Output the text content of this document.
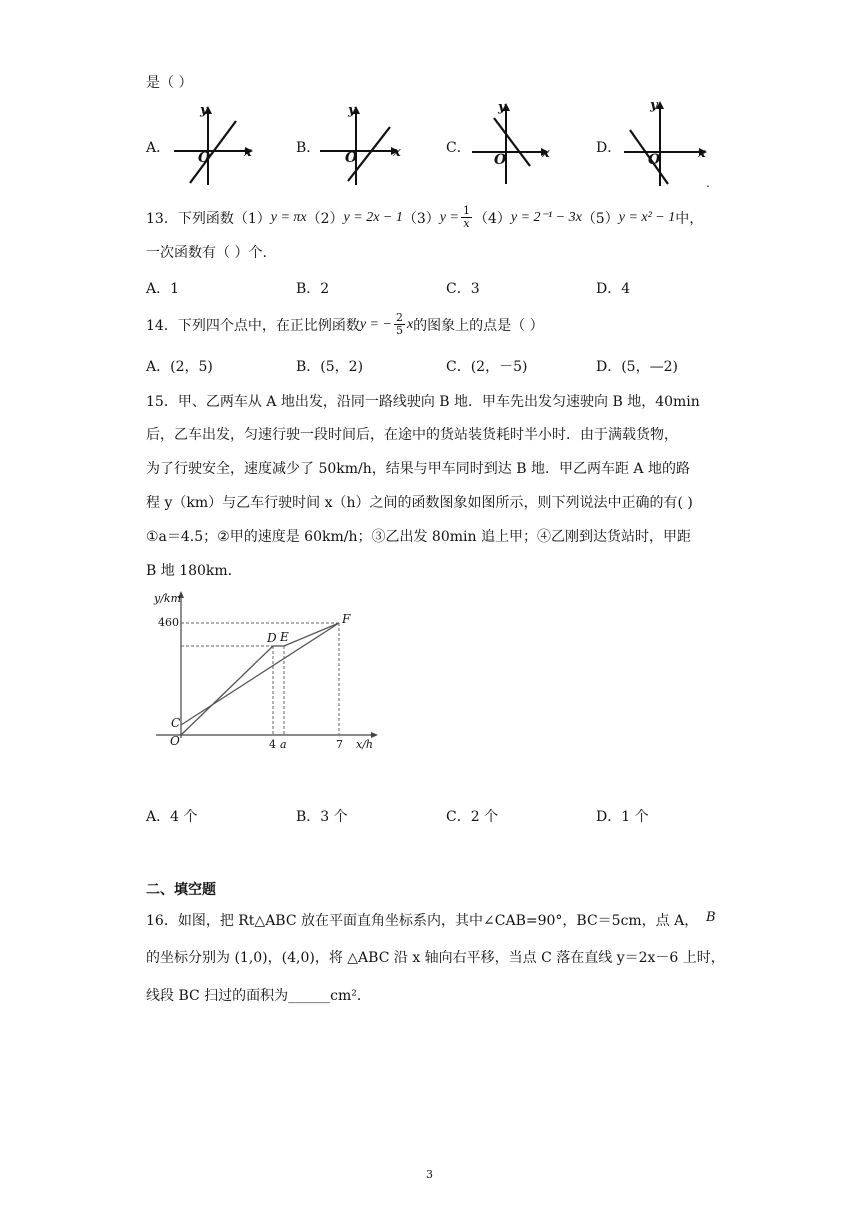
是（ ）
A．
y
x
O
B．
y
x
O
C．
y
x
O
D．
y
x
O
.
13．下列函数（1） y = πx （2） y = 2x − 1 （3） $y = \frac{1}{x} (4) y = 2^{-1} - 3x$ （5） y = x² − 1 中，
一次函数有（ ）个.
A．1	B．2	C．3	D．4
14．下列四个点中，在正比例函数 y = − $\frac{2}{5}$ x 的图象上的点是（ ）
A．(2，5)	B．(5，2)	C．(2，－5)	D．(5，—2)
15．甲、乙两车从 A 地出发，沿同一路线驶向 B 地．甲车先出发匀速驶向 B 地，40min
后，乙车出发，匀速行驶一段时间后，在途中的货站装货耗时半小时．由于满载货物，
为了行驶安全，速度减少了 50km/h，结果与甲车同时到达 B 地．甲乙两车距 A 地的路
程 y（km）与乙车行驶时间 x（h）之间的函数图象如图所示，则下列说法中正确的有( )
①a＝4.5；②甲的速度是 60km/h；③乙出发 80min 追上甲；④乙刚到达货站时，甲距
B 地 180km．
y/km
x/h
460
4 a	7
O
C
D E
F
A．4 个	B．3 个	C．2 个	D．1 个
二、填空题
16．如图，把 Rt△ABC 放在平面直角坐标系内，其中∠CAB=90°，BC＝5cm，点 A， B
的坐标分别为 (1,0)，(4,0)，将 △ABC 沿 x 轴向右平移，当点 C 落在直线 y＝2x－6 上时，
线段 BC 扫过的面积为______cm²．
3
